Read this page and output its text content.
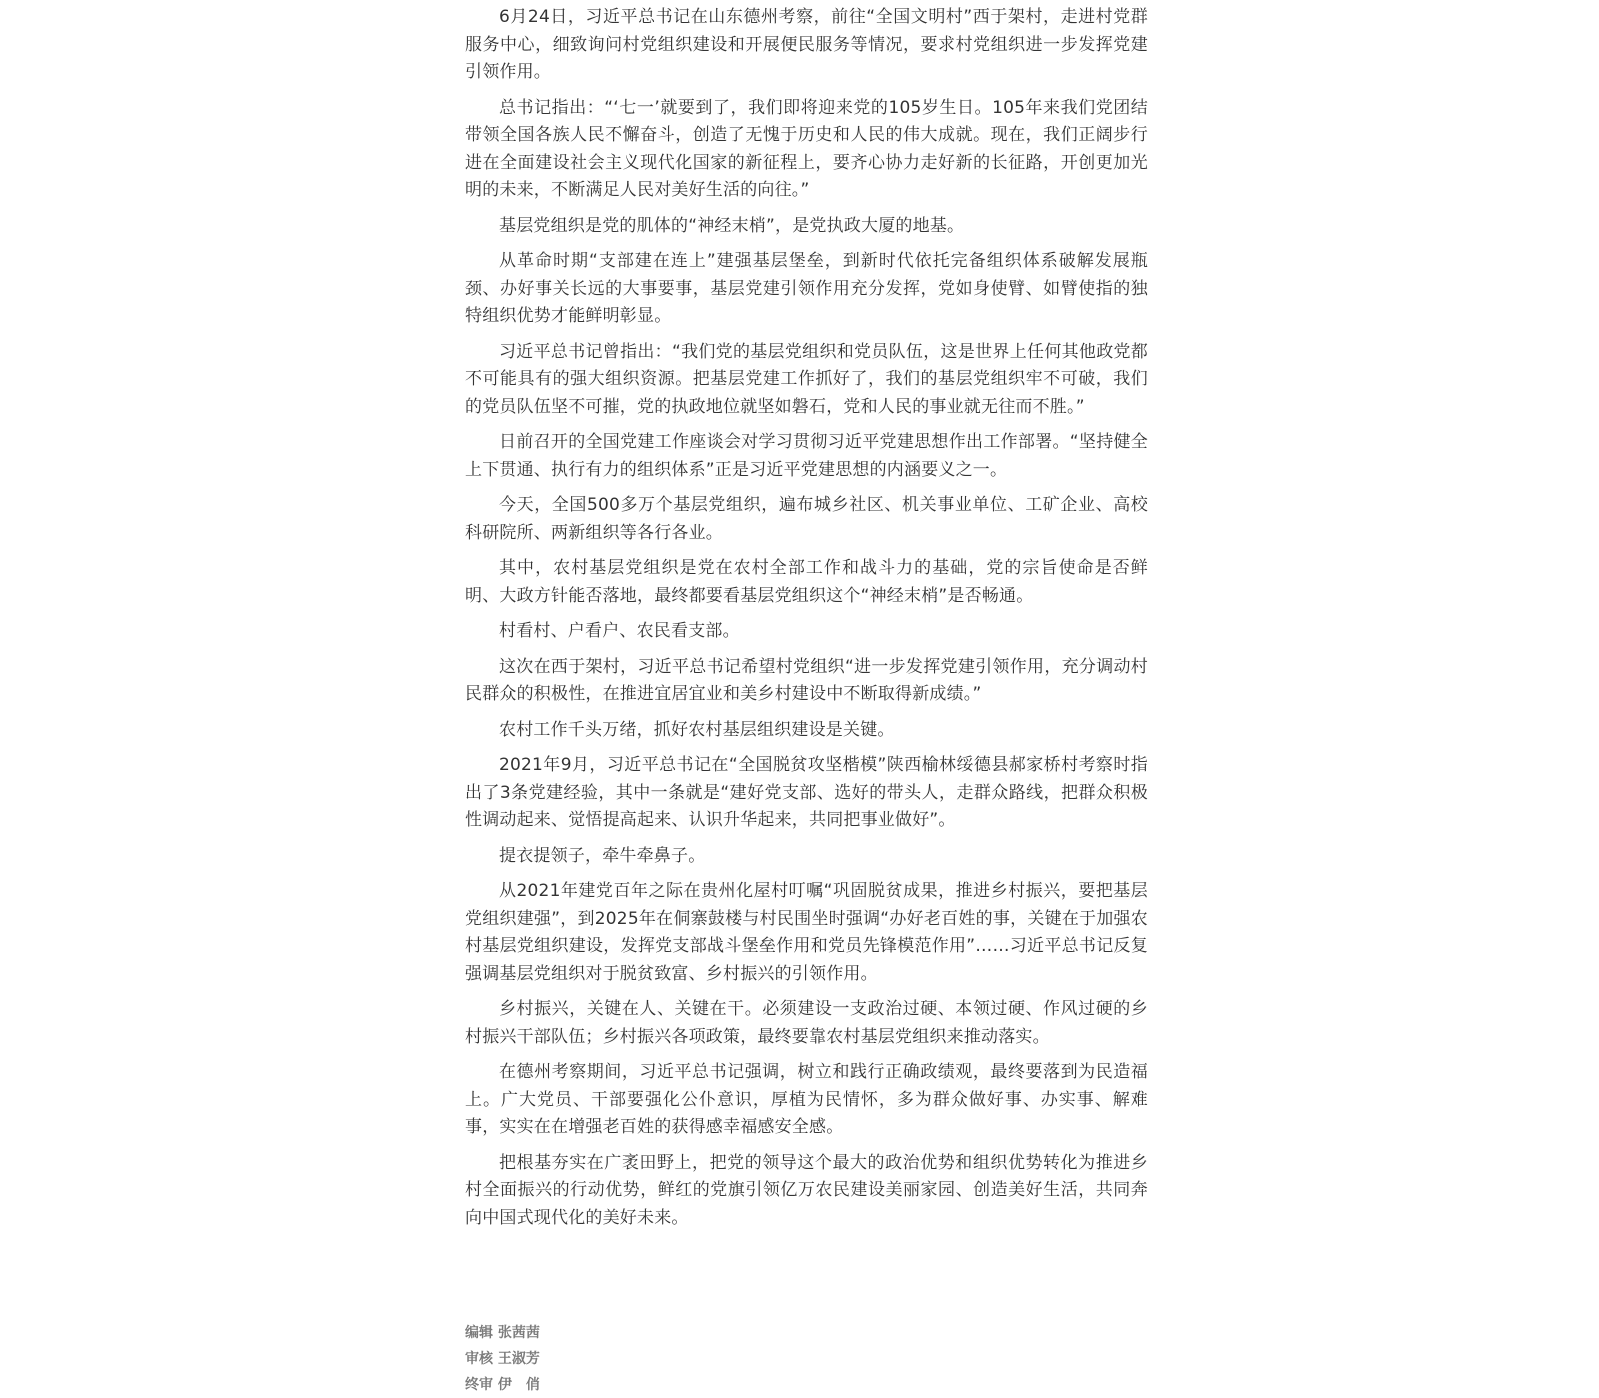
6月24日，习近平总书记在山东德州考察，前往“全国文明村”西于架村，走进村党群服务中心，细致询问村党组织建设和开展便民服务等情况，要求村党组织进一步发挥党建引领作用。

总书记指出：“‘七一’就要到了，我们即将迎来党的105岁生日。105年来我们党团结带领全国各族人民不懈奋斗，创造了无愧于历史和人民的伟大成就。现在，我们正阔步行进在全面建设社会主义现代化国家的新征程上，要齐心协力走好新的长征路，开创更加光明的未来，不断满足人民对美好生活的向往。”

基层党组织是党的肌体的“神经末梢”，是党执政大厦的地基。

从革命时期“支部建在连上”建强基层堡垒，到新时代依托完备组织体系破解发展瓶颈、办好事关长远的大事要事，基层党建引领作用充分发挥，党如身使臂、如臂使指的独特组织优势才能鲜明彰显。

习近平总书记曾指出：“我们党的基层党组织和党员队伍，这是世界上任何其他政党都不可能具有的强大组织资源。把基层党建工作抓好了，我们的基层党组织牢不可破，我们的党员队伍坚不可摧，党的执政地位就坚如磐石，党和人民的事业就无往而不胜。”

日前召开的全国党建工作座谈会对学习贯彻习近平党建思想作出工作部署。“坚持健全上下贯通、执行有力的组织体系”正是习近平党建思想的内涵要义之一。

今天，全国500多万个基层党组织，遍布城乡社区、机关事业单位、工矿企业、高校科研院所、两新组织等各行各业。

其中，农村基层党组织是党在农村全部工作和战斗力的基础，党的宗旨使命是否鲜明、大政方针能否落地，最终都要看基层党组织这个“神经末梢”是否畅通。

村看村、户看户、农民看支部。

这次在西于架村，习近平总书记希望村党组织“进一步发挥党建引领作用，充分调动村民群众的积极性，在推进宜居宜业和美乡村建设中不断取得新成绩。”

农村工作千头万绪，抓好农村基层组织建设是关键。

2021年9月，习近平总书记在“全国脱贫攻坚楷模”陕西榆林绥德县郝家桥村考察时指出了3条党建经验，其中一条就是“建好党支部、选好的带头人，走群众路线，把群众积极性调动起来、觉悟提高起来、认识升华起来，共同把事业做好”。

提衣提领子，牵牛牵鼻子。

从2021年建党百年之际在贵州化屋村叮嘱“巩固脱贫成果，推进乡村振兴，要把基层党组织建强”，到2025年在侗寨鼓楼与村民围坐时强调“办好老百姓的事，关键在于加强农村基层党组织建设，发挥党支部战斗堡垒作用和党员先锋模范作用”……习近平总书记反复强调基层党组织对于脱贫致富、乡村振兴的引领作用。

乡村振兴，关键在人、关键在干。必须建设一支政治过硬、本领过硬、作风过硬的乡村振兴干部队伍；乡村振兴各项政策，最终要靠农村基层党组织来推动落实。

在德州考察期间，习近平总书记强调，树立和践行正确政绩观，最终要落到为民造福上。广大党员、干部要强化公仆意识，厚植为民情怀，多为群众做好事、办实事、解难事，实实在在增强老百姓的获得感幸福感安全感。

把根基夯实在广袤田野上，把党的领导这个最大的政治优势和组织优势转化为推进乡村全面振兴的行动优势，鲜红的党旗引领亿万农民建设美丽家园、创造美好生活，共同奔向中国式现代化的美好未来。

编辑 张茜茜
审核 王淑芳
终审 伊　俏
